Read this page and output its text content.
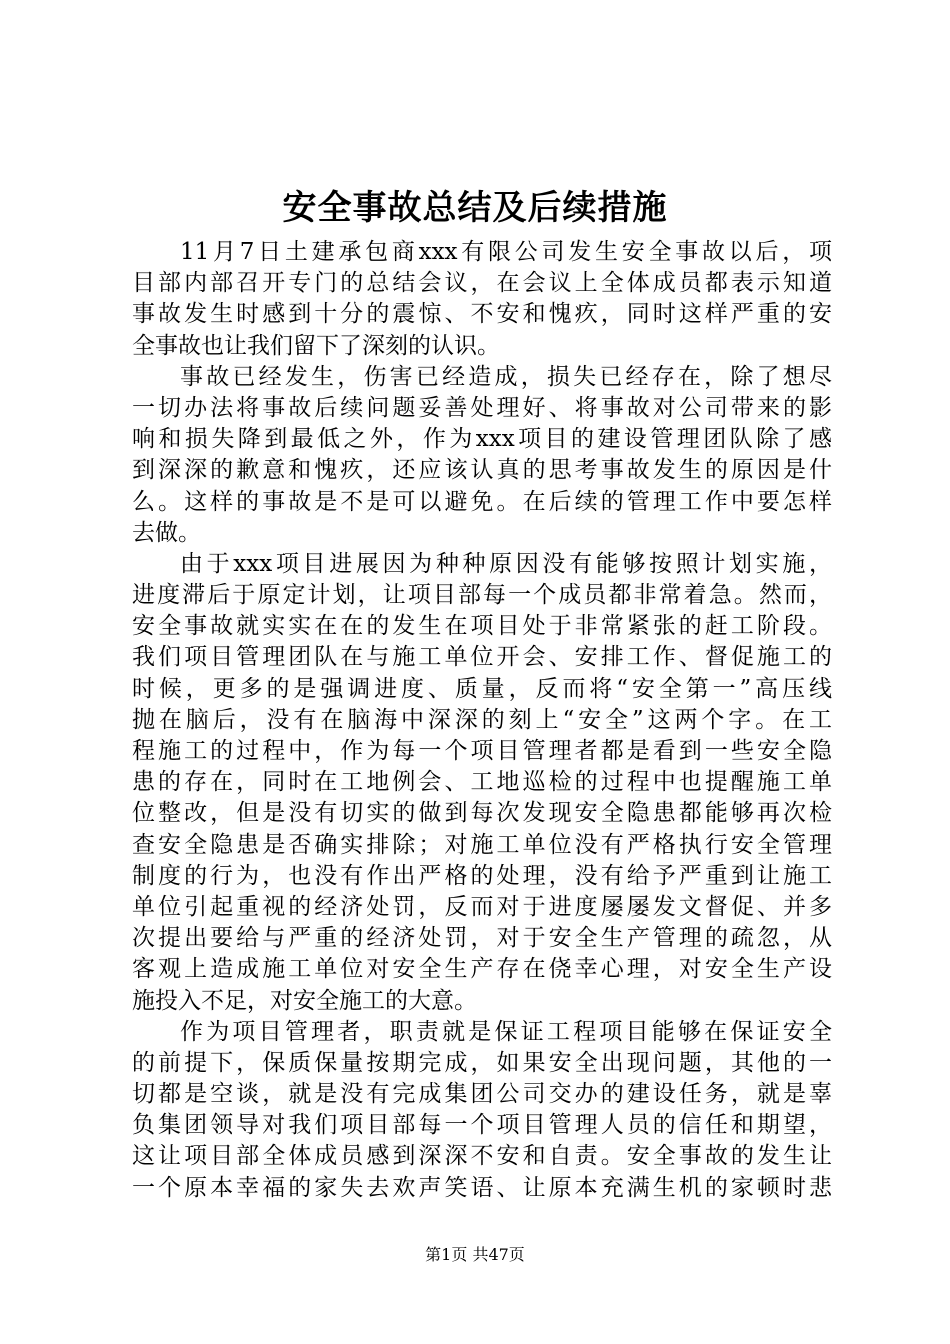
安全事故总结及后续措施
11月7日土建承包商xxx有限公司发生安全事故以后，项
目部内部召开专门的总结会议，在会议上全体成员都表示知道
事故发生时感到十分的震惊、不安和愧疚，同时这样严重的安
全事故也让我们留下了深刻的认识。
事故已经发生，伤害已经造成，损失已经存在，除了想尽
一切办法将事故后续问题妥善处理好、将事故对公司带来的影
响和损失降到最低之外，作为xxx项目的建设管理团队除了感
到深深的歉意和愧疚，还应该认真的思考事故发生的原因是什
么。这样的事故是不是可以避免。在后续的管理工作中要怎样
去做。
由于xxx项目进展因为种种原因没有能够按照计划实施，
进度滞后于原定计划，让项目部每一个成员都非常着急。然而，
安全事故就实实在在的发生在项目处于非常紧张的赶工阶段。
我们项目管理团队在与施工单位开会、安排工作、督促施工的
时候，更多的是强调进度、质量，反而将“安全第一”高压线
抛在脑后，没有在脑海中深深的刻上“安全”这两个字。在工
程施工的过程中，作为每一个项目管理者都是看到一些安全隐
患的存在，同时在工地例会、工地巡检的过程中也提醒施工单
位整改，但是没有切实的做到每次发现安全隐患都能够再次检
查安全隐患是否确实排除；对施工单位没有严格执行安全管理
制度的行为，也没有作出严格的处理，没有给予严重到让施工
单位引起重视的经济处罚，反而对于进度屡屡发文督促、并多
次提出要给与严重的经济处罚，对于安全生产管理的疏忽，从
客观上造成施工单位对安全生产存在侥幸心理，对安全生产设
施投入不足，对安全施工的大意。
作为项目管理者，职责就是保证工程项目能够在保证安全
的前提下，保质保量按期完成，如果安全出现问题，其他的一
切都是空谈，就是没有完成集团公司交办的建设任务，就是辜
负集团领导对我们项目部每一个项目管理人员的信任和期望，
这让项目部全体成员感到深深不安和自责。安全事故的发生让
一个原本幸福的家失去欢声笑语、让原本充满生机的家顿时悲
第1页 共47页
